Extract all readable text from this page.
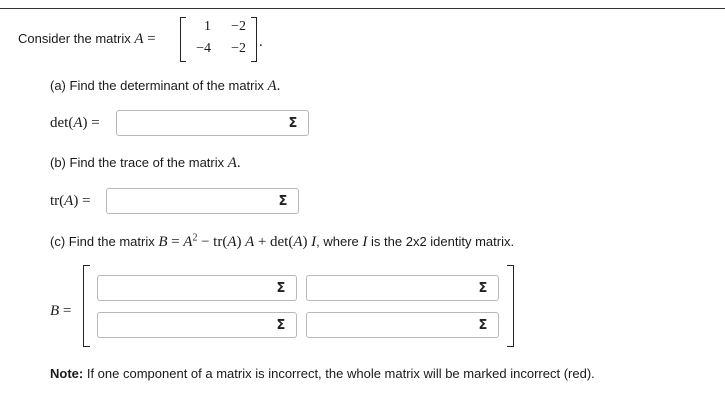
Consider the matrix A =
1	−2
−4	−2 .
(a) Find the determinant of the matrix A.
det(A) =	Σ
(b) Find the trace of the matrix A.
tr(A) =	Σ
(c) Find the matrix $B = A^2 - tr(A) A + \det(A)$ I, where I is the 2x2 identity matrix.
B =
Σ	Σ
Σ	Σ
Note: If one component of a matrix is incorrect, the whole matrix will be marked incorrect (red).
